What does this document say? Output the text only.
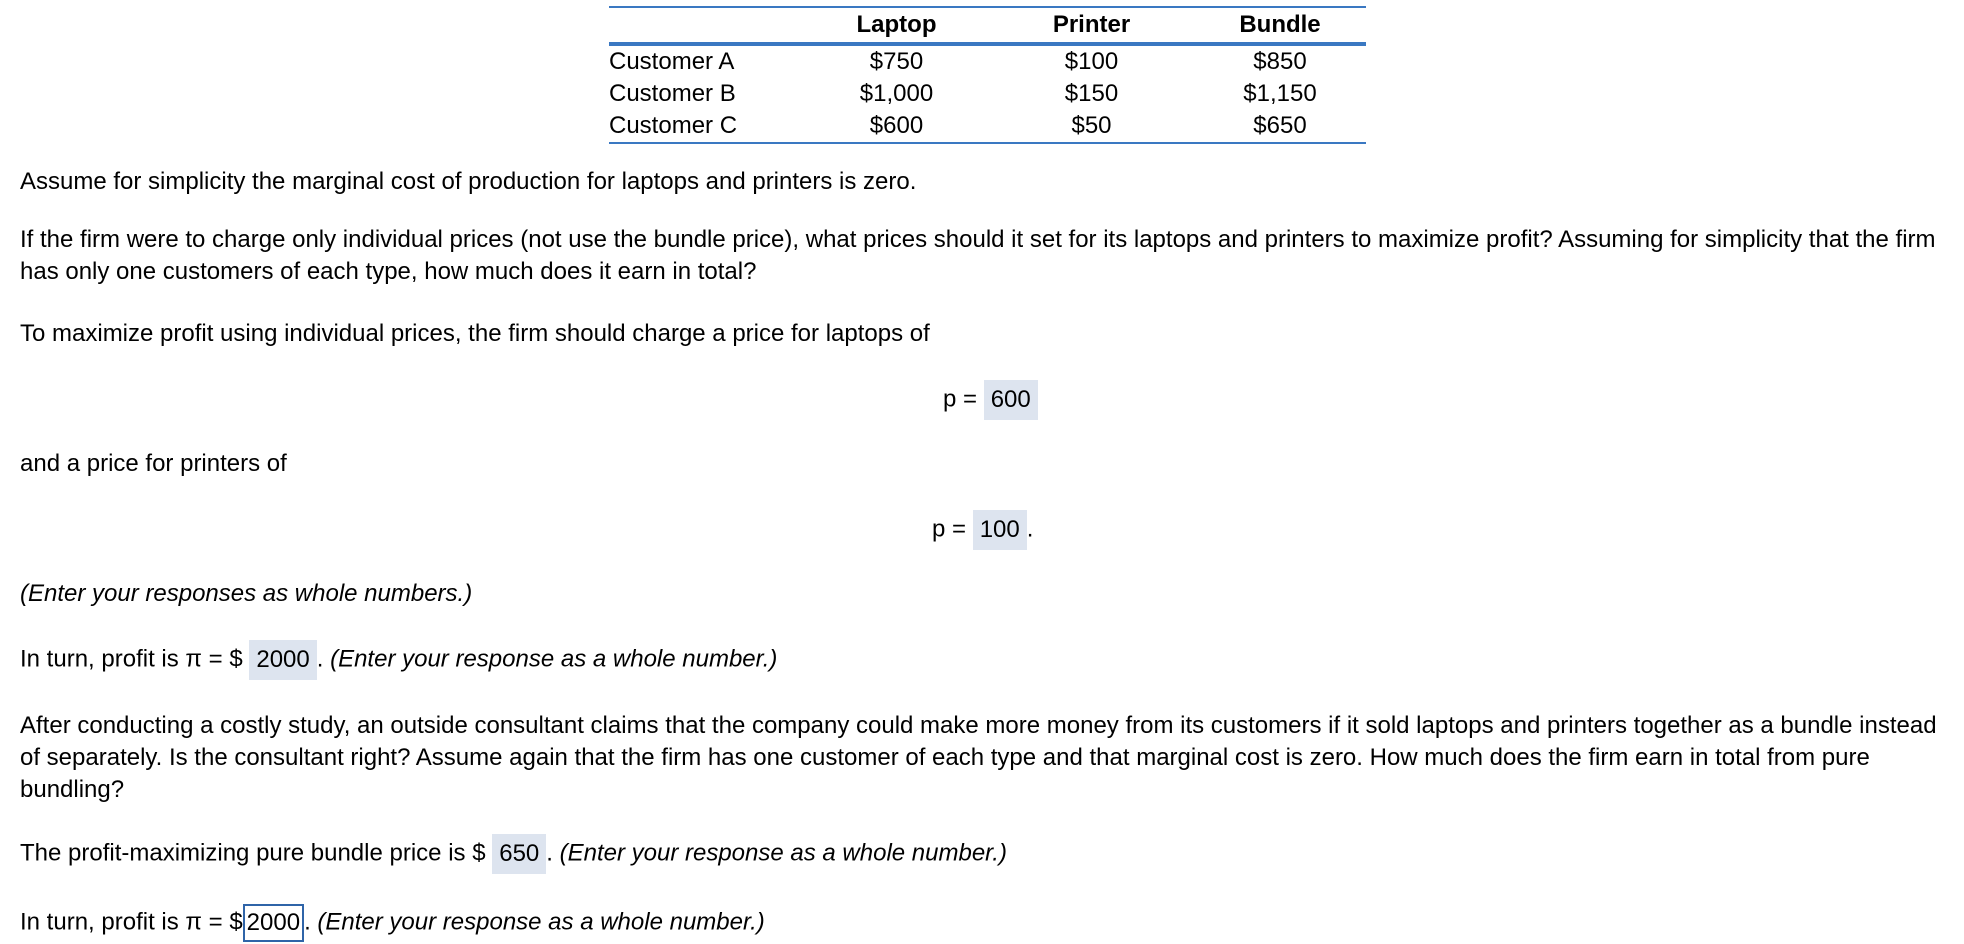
	Laptop	Printer	Bundle
Customer A	$750	$100	$850
Customer B	$1,000	$150	$1,150
Customer C	$600	$50	$650

Assume for simplicity the marginal cost of production for laptops and printers is zero.

If the firm were to charge only individual prices (not use the bundle price), what prices should it set for its laptops and printers to maximize profit? Assuming for simplicity that the firm has only one customers of each type, how much does it earn in total?

To maximize profit using individual prices, the firm should charge a price for laptops of

p = 600

and a price for printers of

p = 100 .

(Enter your responses as whole numbers.)

In turn, profit is π = $ 2000 . (Enter your response as a whole number.)

After conducting a costly study, an outside consultant claims that the company could make more money from its customers if it sold laptops and printers together as a bundle instead of separately. Is the consultant right? Assume again that the firm has one customer of each type and that marginal cost is zero. How much does the firm earn in total from pure bundling?

The profit-maximizing pure bundle price is $ 650 . (Enter your response as a whole number.)
In turn, profit is π = $ 2000 . (Enter your response as a whole number.)
